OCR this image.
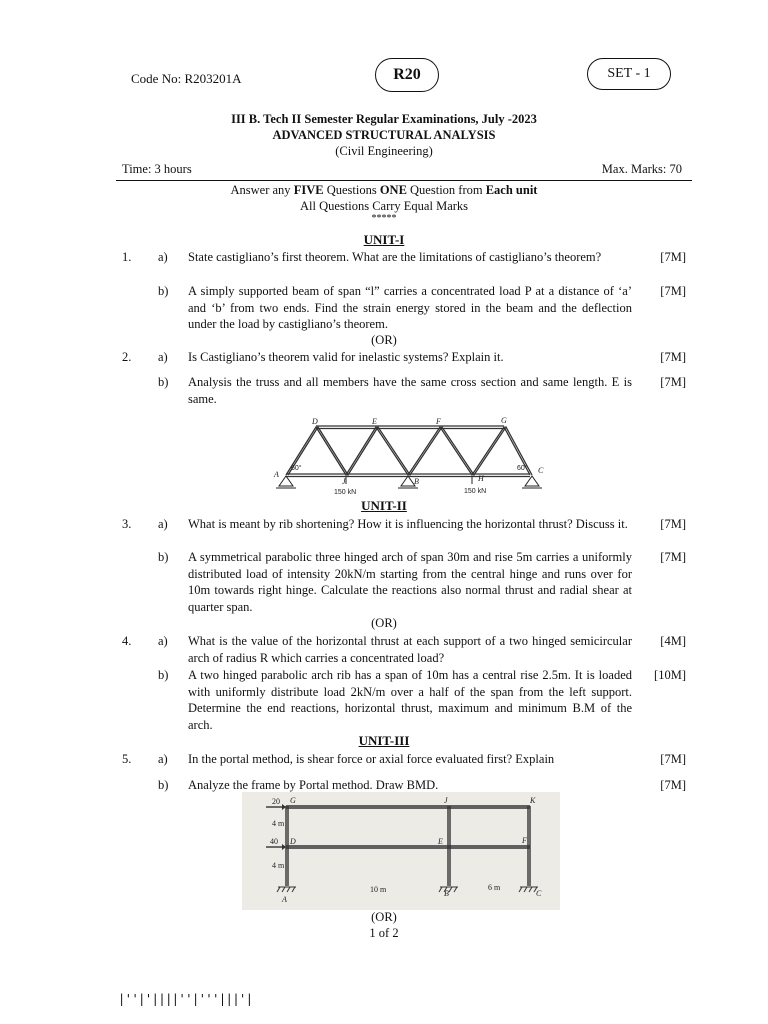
Code No: R203201A	R20	SET - 1
III B. Tech II Semester Regular Examinations, July -2023
ADVANCED STRUCTURAL ANALYSIS
(Civil Engineering)
Time: 3 hours	Max. Marks: 70
Answer any FIVE Questions ONE Question from Each unit
All Questions Carry Equal Marks
*****
UNIT-I
1.	a)	State castigliano’s first theorem. What are the limitations of castigliano’s theorem?	[7M]
b)	A simply supported beam of span “l” carries a concentrated load P at a distance of ‘a’ and ‘b’ from two ends. Find the strain energy stored in the beam and the deflection under the load by castigliano’s theorem.
[7M]
(OR)
2.	a)	Is Castigliano’s theorem valid for inelastic systems? Explain it.	[7M]
b)	Analysis the truss and all members have the same cross section and same length. E is same.
[7M]
D	E	F	G
A
J	B	H
C
60°	60°
150 kN	150 kN
UNIT-II
3.	a)	What is meant by rib shortening? How it is influencing the horizontal thrust? Discuss it.	[7M]
b)	A symmetrical parabolic three hinged arch of span 30m and rise 5m carries a uniformly distributed load of intensity 20kN/m starting from the central hinge and runs over for 10m towards right hinge. Calculate the reactions also normal thrust and radial shear at quarter span.
[7M]
(OR)
4.	a)	What is the value of the horizontal thrust at each support of a two hinged semicircular arch of radius R which carries a concentrated load?
[4M]
b)	A two hinged parabolic arch rib has a span of 10m has a central rise 2.5m. It is loaded with uniformly distribute load 2kN/m over a half of the span from the left support. Determine the end reactions, horizontal thrust, maximum and minimum B.M of the arch.
[10M]
UNIT-III
5.	a)	In the portal method, is shear force or axial force evaluated first? Explain	[7M]
b)	Analyze the frame by Portal method. Draw BMD.	[7M]
20
40
4 m
4 m
10 m	6 m
G	J	K
D	E	F
A
B	C
(OR)
1 of 2
|''|'||||''|'''|||'|
